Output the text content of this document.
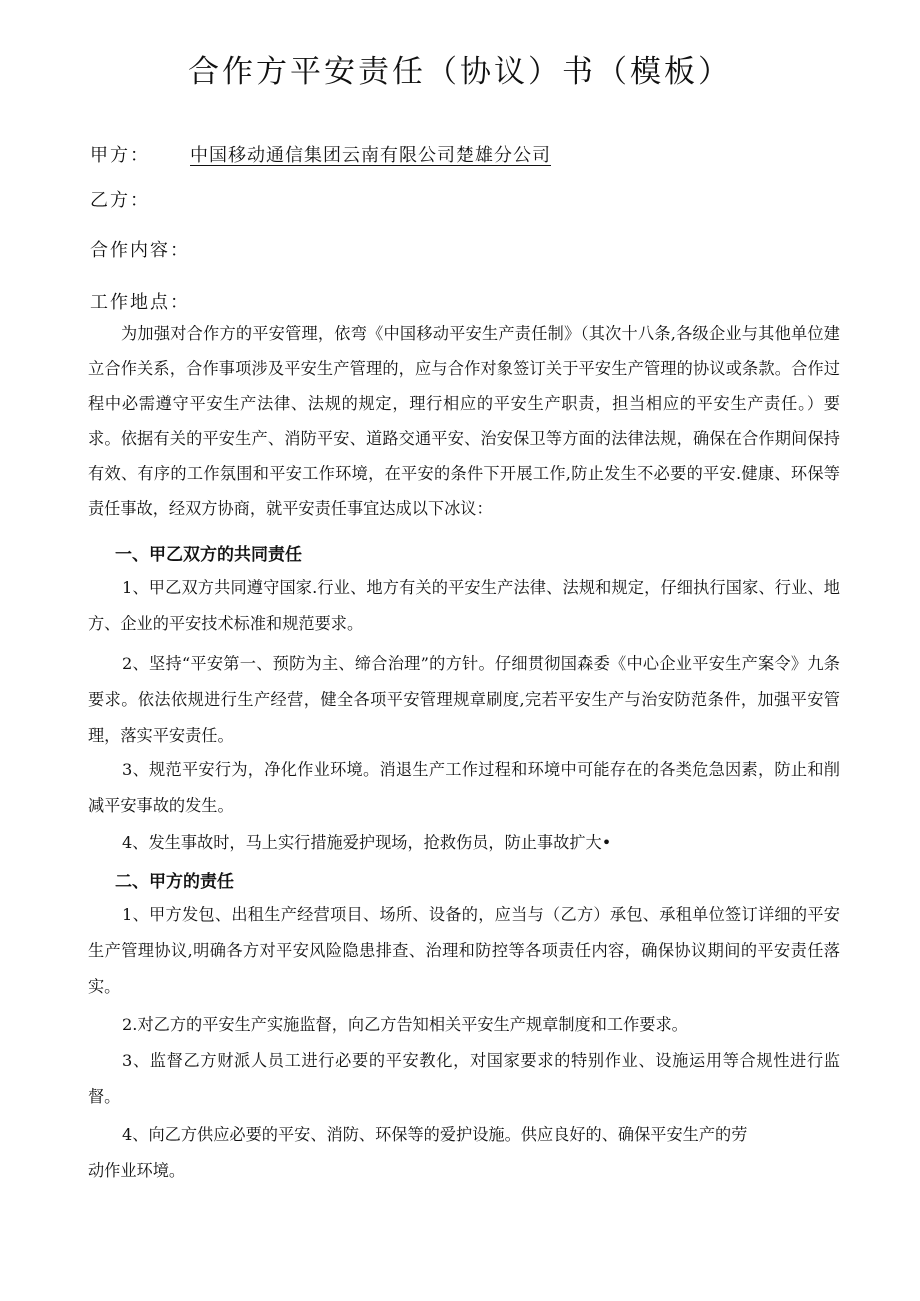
合作方平安责任（协议）书（模板）
甲方： 中国移动通信集团云南有限公司楚雄分公司
乙方：
合作内容：
工作地点：

为加强对合作方的平安管理，依弯《中国移动平安生产责任制》（其次十八条,各级企业与其他单位建立合作关系，合作事项涉及平安生产管理的，应与合作对象签订关于平安生产管理的协议或条款。合作过程中必需遵守平安生产法律、法规的规定，理行相应的平安生产职责，担当相应的平安生产责任。）要求。依据有关的平安生产、消防平安、道路交通平安、治安保卫等方面的法律法规，确保在合作期间保持有效、有序的工作氛围和平安工作环境，在平安的条件下开展工作,防止发生不必要的平安.健康、环保等责任事故，经双方协商，就平安责任事宜达成以下冰议：

一、甲乙双方的共同责任

1、甲乙双方共同遵守国家.行业、地方有关的平安生产法律、法规和规定，仔细执行国家、行业、地方、企业的平安技术标准和规范要求。

2、坚持“平安第一、预防为主、缔合治理”的方针。仔细贯彻国森委《中心企业平安生产案令》九条要求。依法依规进行生产经营，健全各项平安管理规章刷度,完若平安生产与治安防范条件，加强平安管理，落实平安责任。

3、规范平安行为，净化作业环境。消退生产工作过程和环境中可能存在的各类危急因素，防止和削减平安事故的发生。

4、发生事故时，马上实行措施爱护现场，抢救伤员，防止事故扩大•

二、甲方的责任

1、甲方发包、出租生产经营项目、场所、设备的，应当与（乙方）承包、承租单位签订详细的平安生产管理协议,明确各方对平安风险隐患排查、治理和防控等各项责任内容，确保协议期间的平安责任落实。

2.对乙方的平安生产实施监督，向乙方告知相关平安生产规章制度和工作要求。

3、监督乙方财派人员工进行必要的平安教化，对国家要求的特别作业、设施运用等合规性进行监督。

4、向乙方供应必要的平安、消防、环保等的爱护设施。供应良好的、确保平安生产的劳

动作业环境。
